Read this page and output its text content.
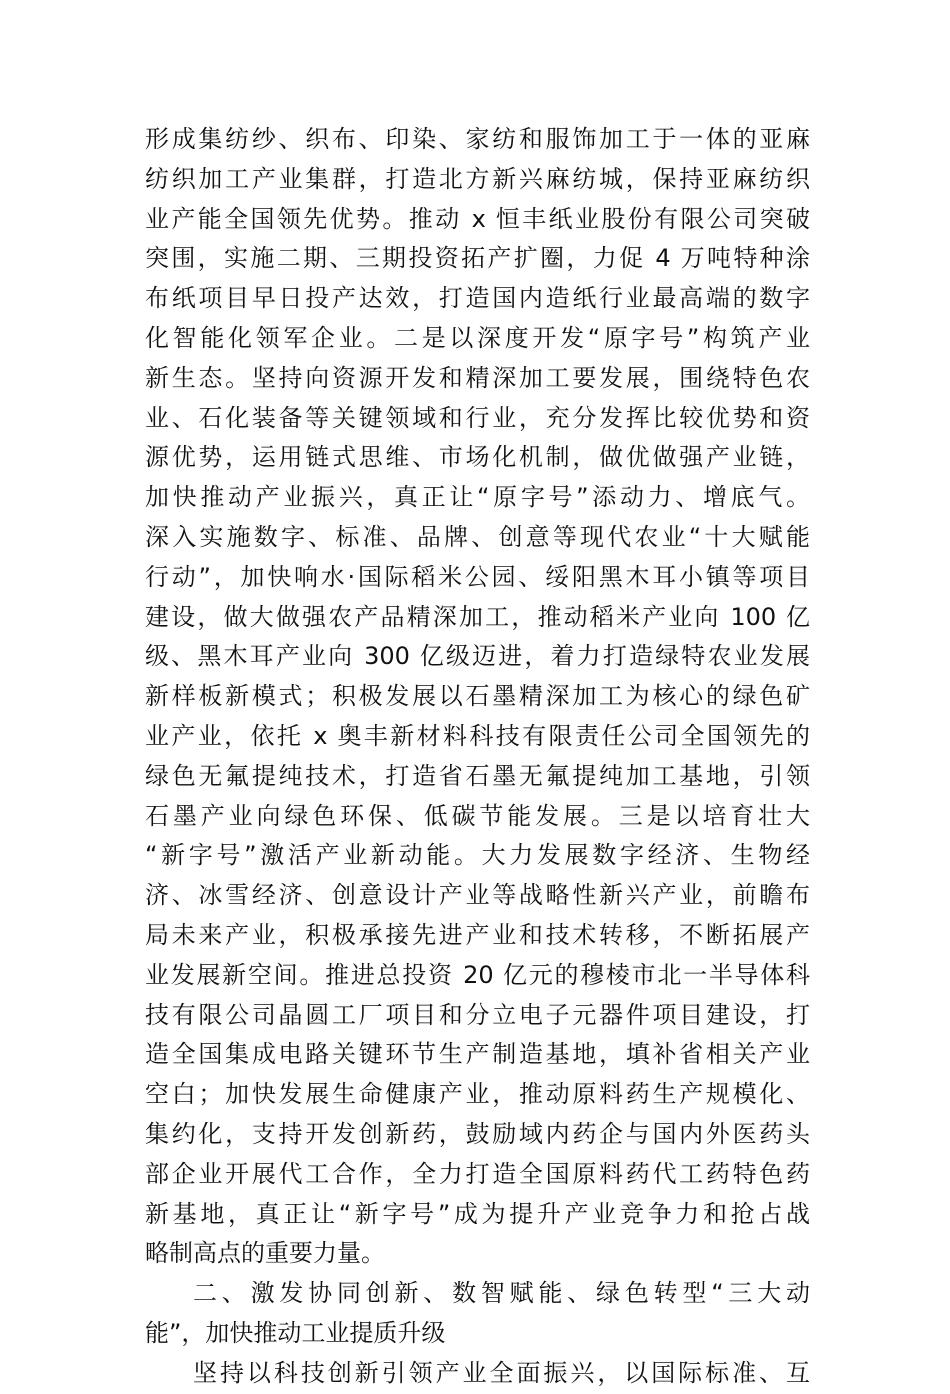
形成集纺纱、织布、印染、家纺和服饰加工于一体的亚麻
纺织加工产业集群，打造北方新兴麻纺城，保持亚麻纺织
业产能全国领先优势。推动 x 恒丰纸业股份有限公司突破
突围，实施二期、三期投资拓产扩圈，力促 4 万吨特种涂
布纸项目早日投产达效，打造国内造纸行业最高端的数字
化智能化领军企业。二是以深度开发“原字号”构筑产业
新生态。坚持向资源开发和精深加工要发展，围绕特色农
业、石化装备等关键领域和行业，充分发挥比较优势和资
源优势，运用链式思维、市场化机制，做优做强产业链，
加快推动产业振兴，真正让“原字号”添动力、增底气。
深入实施数字、标准、品牌、创意等现代农业“十大赋能
行动”，加快响水·国际稻米公园、绥阳黑木耳小镇等项目
建设，做大做强农产品精深加工，推动稻米产业向 100 亿
级、黑木耳产业向 300 亿级迈进，着力打造绿特农业发展
新样板新模式；积极发展以石墨精深加工为核心的绿色矿
业产业，依托 x 奥丰新材料科技有限责任公司全国领先的
绿色无氟提纯技术，打造省石墨无氟提纯加工基地，引领
石墨产业向绿色环保、低碳节能发展。三是以培育壮大
“新字号”激活产业新动能。大力发展数字经济、生物经
济、冰雪经济、创意设计产业等战略性新兴产业，前瞻布
局未来产业，积极承接先进产业和技术转移，不断拓展产
业发展新空间。推进总投资 20 亿元的穆棱市北一半导体科
技有限公司晶圆工厂项目和分立电子元器件项目建设，打
造全国集成电路关键环节生产制造基地，填补省相关产业
空白；加快发展生命健康产业，推动原料药生产规模化、
集约化，支持开发创新药，鼓励域内药企与国内外医药头
部企业开展代工合作，全力打造全国原料药代工药特色药
新基地，真正让“新字号”成为提升产业竞争力和抢占战
略制高点的重要力量。
二、激发协同创新、数智赋能、绿色转型“三大动
能”，加快推动工业提质升级
坚持以科技创新引领产业全面振兴，以国际标准、互
